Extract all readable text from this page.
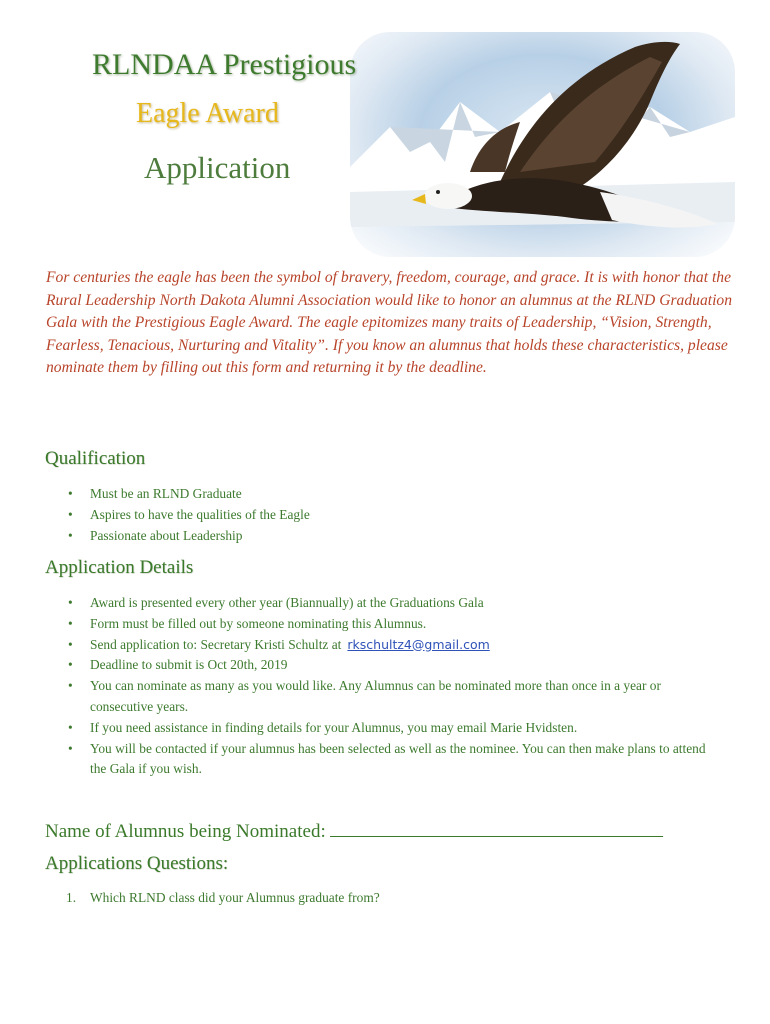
RLNDAA Prestigious
Eagle Award
Application

For centuries the eagle has been the symbol of bravery, freedom, courage, and grace. It is with honor that the Rural Leadership North Dakota Alumni Association would like to honor an alumnus at the RLND Graduation Gala with the Prestigious Eagle Award. The eagle epitomizes many traits of Leadership, “Vision, Strength, Fearless, Tenacious, Nurturing and Vitality”. If you know an alumnus that holds these characteristics, please nominate them by filling out this form and returning it by the deadline.

Qualification
• Must be an RLND Graduate
• Aspires to have the qualities of the Eagle
• Passionate about Leadership
Application Details
• Award is presented every other year (Biannually) at the Graduations Gala
• Form must be filled out by someone nominating this Alumnus.
• Send application to: Secretary Kristi Schultz at rkschultz4@gmail.com
• Deadline to submit is Oct 20th, 2019
• You can nominate as many as you would like. Any Alumnus can be nominated more than once in a year or consecutive years.
• If you need assistance in finding details for your Alumnus, you may email Marie Hvidsten.
• You will be contacted if your alumnus has been selected as well as the nominee. You can then make plans to attend the Gala if you wish.
Name of Alumnus being Nominated:
Applications Questions:
1. Which RLND class did your Alumnus graduate from?
